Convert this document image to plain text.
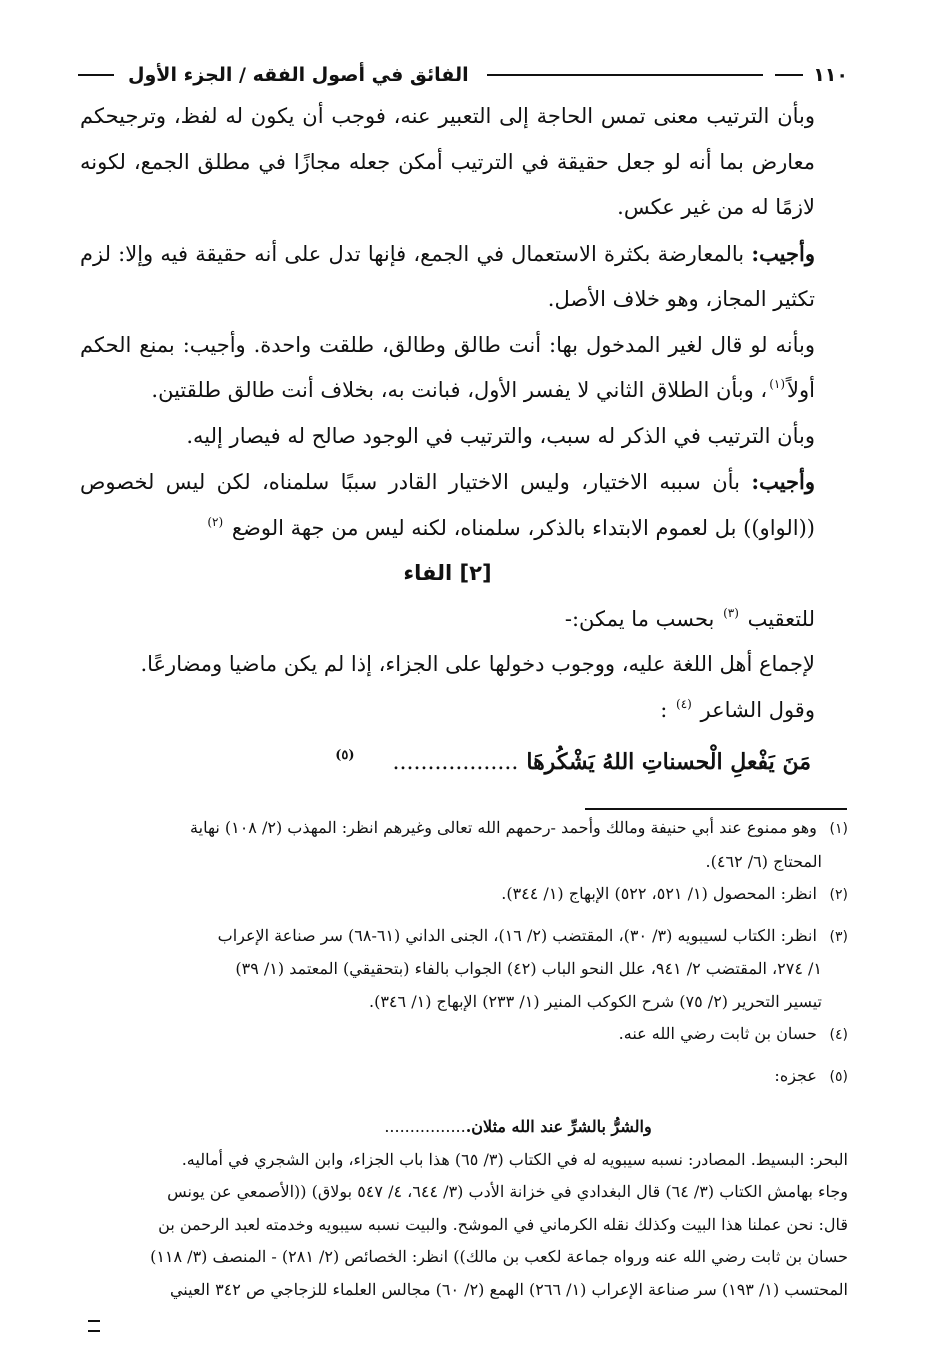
١١٠
الفائق في أصول الفقه / الجزء الأول

وبأن الترتيب معنى تمس الحاجة إلى التعبير عنه، فوجب أن يكون له لفظ، وترجيحكم معارض بما أنه لو جعل حقيقة في الترتيب أمكن جعله مجازًا في مطلق الجمع، لكونه لازمًا له من غير عكس.

وأجيب: بالمعارضة بكثرة الاستعمال في الجمع، فإنها تدل على أنه حقيقة فيه وإلا: لزم تكثير المجاز، وهو خلاف الأصل.

وبأنه لو قال لغير المدخول بها: أنت طالق وطالق، طلقت واحدة. وأجيب: بمنع الحكم أولاً$^{(١)}$، وبأن الطلاق الثاني لا يفسر الأول، فبانت به، بخلاف أنت طالق طلقتين.

وبأن الترتيب في الذكر له سبب، والترتيب في الوجود صالح له فيصار إليه.

وأجيب: بأن سببه الاختيار، وليس الاختيار القادر سببًا سلمناه، لكن ليس لخصوص ((الواو)) بل لعموم الابتداء بالذكر، سلمناه، لكنه ليس من جهة الوضع $^{(٢)}$

[٢] الفاء

للتعقيب $^{(٣)}$ بحسب ما يمكن:-

لإجماع أهل اللغة عليه، ووجوب دخولها على الجزاء، إذا لم يكن ماضيا ومضارعًا.

وقول الشاعر $^{(٤)}$ :

مَنَ يَفْعلِ الْحسناتِ اللهُ يَشْكُرهَا..................$^{(٥)}$

(١) وهو ممنوع عند أبي حنيفة ومالك وأحمد -رحمهم الله تعالى وغيرهم انظر: المهذب (٢/ ١٠٨) نهاية

المحتاج (٦/ ٤٦٢).

(٢) انظر: المحصول (١/ ٥٢١، ٥٢٢) الإبهاج (١/ ٣٤٤).

(٣) انظر: الكتاب لسيبويه (٣/ ٣٠)، المقتضب (٢/ ١٦)، الجنى الداني (٦١-٦٨) سر صناعة الإعراب

١/ ٢٧٤، المقتضب ٢/ ٩٤١، علل النحو الباب (٤٢) الجواب بالفاء (بتحقيقي) المعتمد (١/ ٣٩)

تيسير التحرير (٢/ ٧٥) شرح الكوكب المنير (١/ ٢٣٣) الإبهاج (١/ ٣٤٦).

(٤) حسان بن ثابت رضي الله عنه.

(٥) عجزه:

والشرُّ بالشرِّ عند الله مثلان.................

البحر: البسيط. المصادر: نسبه سيبويه له في الكتاب (٣/ ٦٥) هذا باب الجزاء، وابن الشجري في أماليه.

وجاء بهامش الكتاب (٣/ ٦٤) قال البغدادي في خزانة الأدب (٣/ ٦٤٤، ٤/ ٥٤٧ بولاق) ((الأصمعي عن يونس

قال: نحن عملنا هذا البيت وكذلك نقله الكرماني في الموشح. والبيت نسبه سيبويه وخدمته لعبد الرحمن بن

حسان بن ثابت رضي الله عنه ورواه جماعة لكعب بن مالك)) انظر: الخصائص (٢/ ٢٨١) - المنصف (٣/ ١١٨)

المحتسب (١/ ١٩٣) سر صناعة الإعراب (١/ ٢٦٦) الهمع (٢/ ٦٠) مجالس العلماء للزجاجي ص ٣٤٢ العيني
